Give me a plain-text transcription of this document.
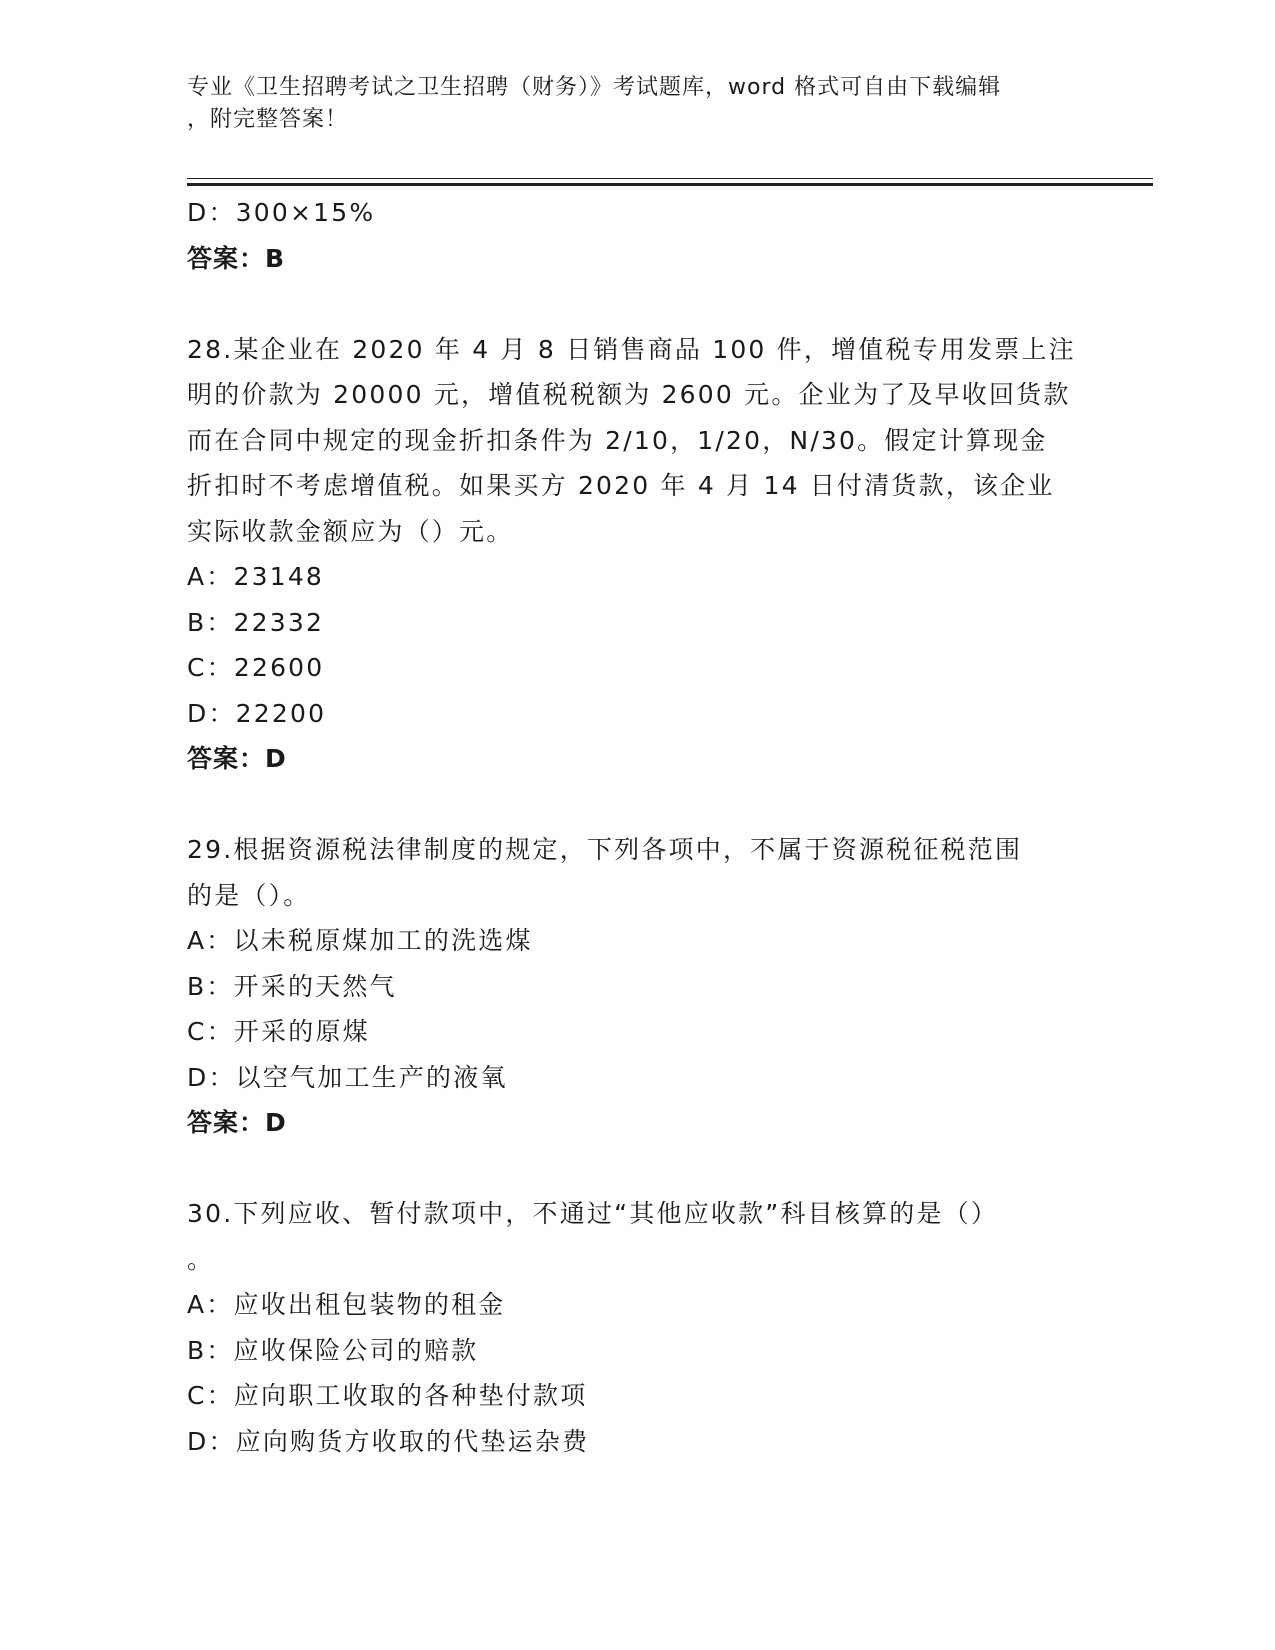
专业《卫生招聘考试之卫生招聘（财务）》考试题库，word 格式可自由下载编辑
，附完整答案！
D：300×15%
答案：B
28.某企业在 2020 年 4 月 8 日销售商品 100 件，增值税专用发票上注
明的价款为 20000 元，增值税税额为 2600 元。企业为了及早收回货款
而在合同中规定的现金折扣条件为 2/10，1/20，N/30。假定计算现金
折扣时不考虑增值税。如果买方 2020 年 4 月 14 日付清货款，该企业
实际收款金额应为（）元。
A：23148
B：22332
C：22600
D：22200
答案：D
29.根据资源税法律制度的规定，下列各项中，不属于资源税征税范围
的是（）。
A：以未税原煤加工的洗选煤
B：开采的天然气
C：开采的原煤
D：以空气加工生产的液氧
答案：D
30.下列应收、暂付款项中，不通过“其他应收款”科目核算的是（）
。
A：应收出租包装物的租金
B：应收保险公司的赔款
C：应向职工收取的各种垫付款项
D：应向购货方收取的代垫运杂费
